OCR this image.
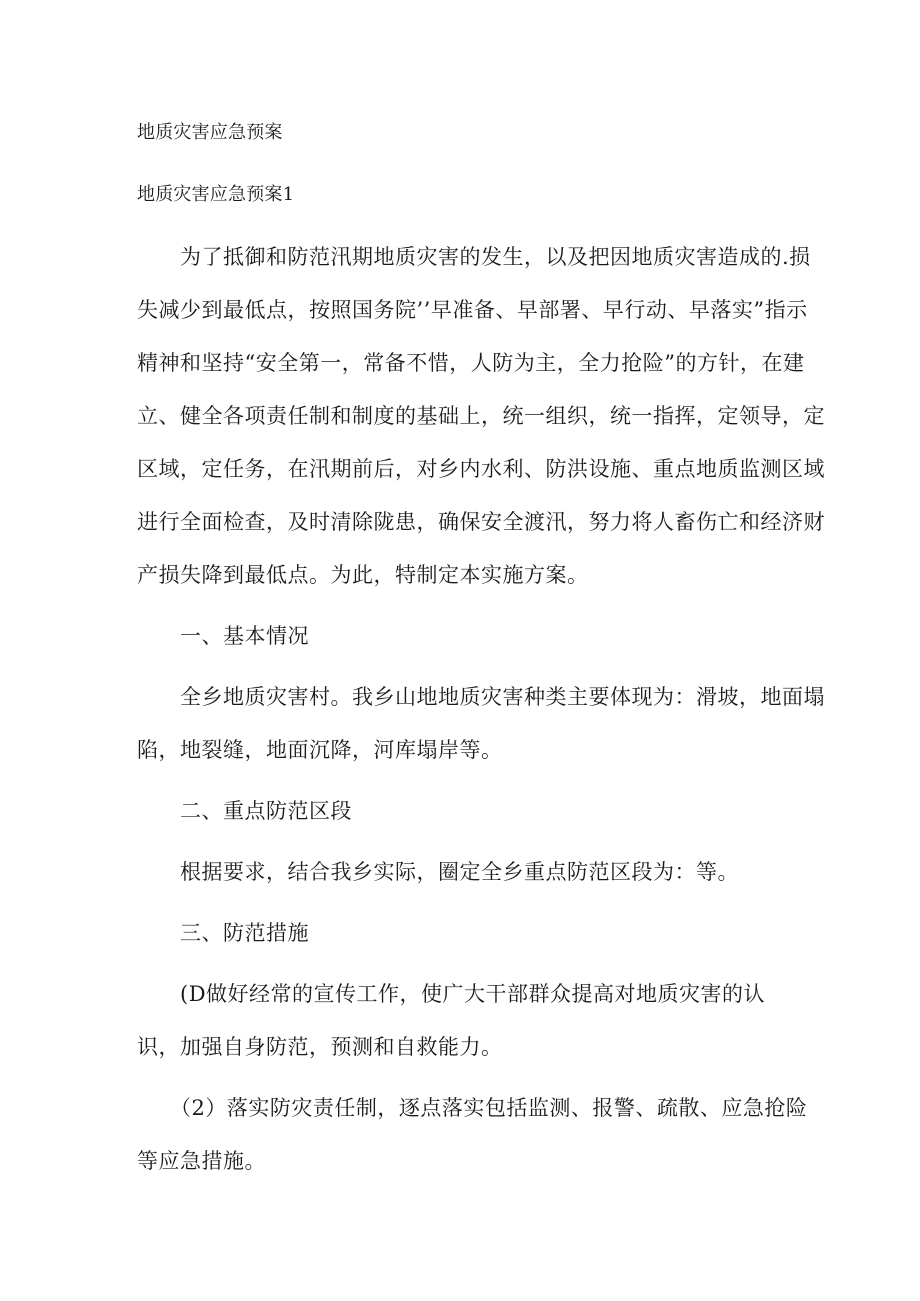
地质灾害应急预案
地质灾害应急预案1
为了抵御和防范汛期地质灾害的发生，以及把因地质灾害造成的.损
失减少到最低点，按照国务院’’早准备、早部署、早行动、早落实”指示
精神和坚持“安全第一，常备不惜，人防为主，全力抢险”的方针，在建
立、健全各项责任制和制度的基础上，统一组织，统一指挥，定领导，定
区域，定任务，在汛期前后，对乡内水利、防洪设施、重点地质监测区域
进行全面检查，及时清除陇患，确保安全渡汛，努力将人畜伤亡和经济财
产损失降到最低点。为此，特制定本实施方案。
一、基本情况
全乡地质灾害村。我乡山地地质灾害种类主要体现为：滑坡，地面塌
陷，地裂缝，地面沉降，河库塌岸等。
二、重点防范区段
根据要求，结合我乡实际，圈定全乡重点防范区段为：等。
三、防范措施
(D做好经常的宣传工作，使广大干部群众提高对地质灾害的认
识，加强自身防范，预测和自救能力。
（2）落实防灾责任制，逐点落实包括监测、报警、疏散、应急抢险
等应急措施。
